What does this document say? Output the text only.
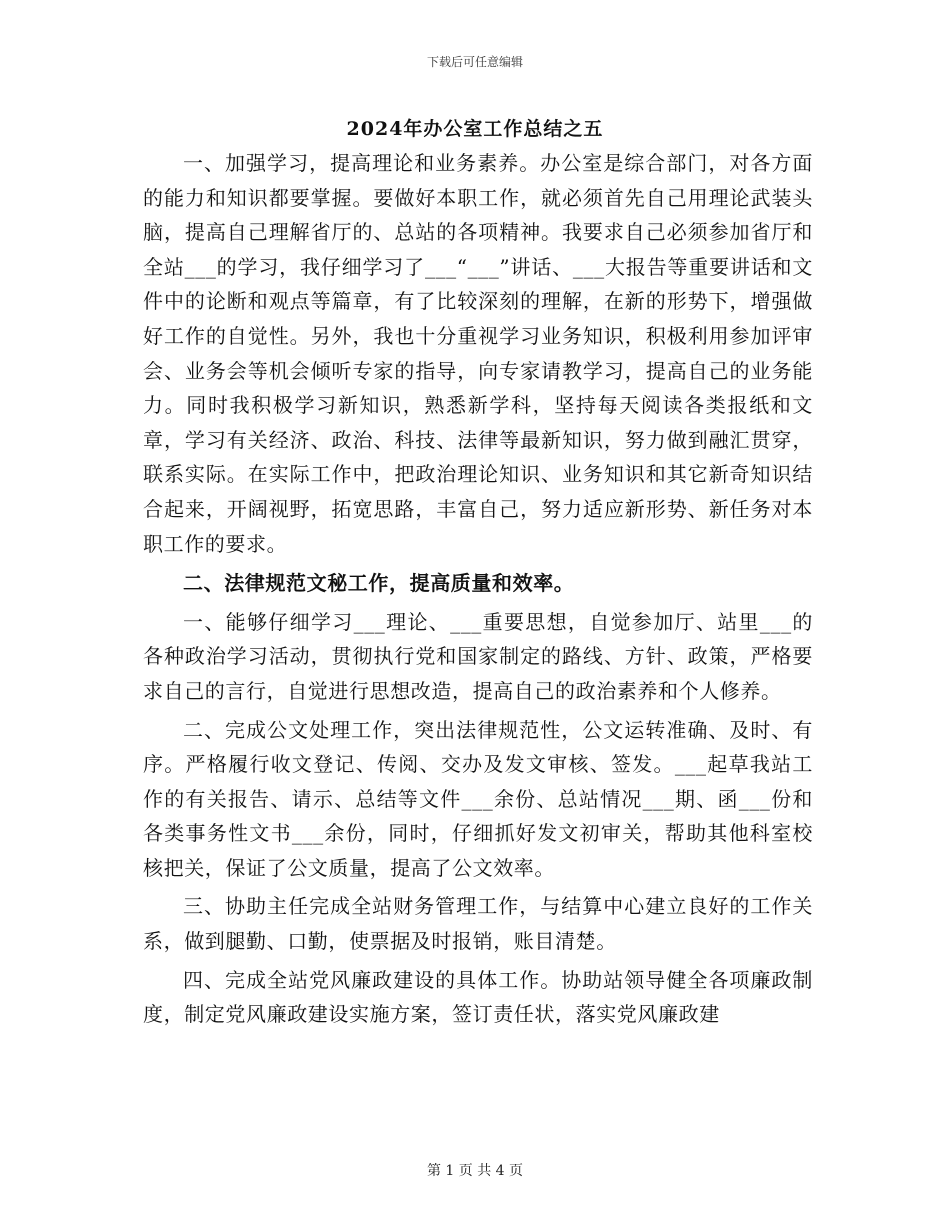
下载后可任意编辑
2024年办公室工作总结之五

一、加强学习，提高理论和业务素养。办公室是综合部门，对各方面的能力和知识都要掌握。要做好本职工作，就必须首先自己用理论武装头脑，提高自己理解省厅的、总站的各项精神。我要求自己必须参加省厅和全站___的学习，我仔细学习了___“___”讲话、___大报告等重要讲话和文件中的论断和观点等篇章，有了比较深刻的理解，在新的形势下，增强做好工作的自觉性。另外，我也十分重视学习业务知识，积极利用参加评审会、业务会等机会倾听专家的指导，向专家请教学习，提高自己的业务能力。同时我积极学习新知识，熟悉新学科，坚持每天阅读各类报纸和文章，学习有关经济、政治、科技、法律等最新知识，努力做到融汇贯穿，联系实际。在实际工作中，把政治理论知识、业务知识和其它新奇知识结合起来，开阔视野，拓宽思路，丰富自己，努力适应新形势、新任务对本职工作的要求。

二、法律规范文秘工作，提高质量和效率。

一、能够仔细学习___理论、___重要思想，自觉参加厅、站里___的各种政治学习活动，贯彻执行党和国家制定的路线、方针、政策，严格要求自己的言行，自觉进行思想改造，提高自己的政治素养和个人修养。

二、完成公文处理工作，突出法律规范性，公文运转准确、及时、有序。严格履行收文登记、传阅、交办及发文审核、签发。___起草我站工作的有关报告、请示、总结等文件___余份、总站情况___期、函___份和各类事务性文书___余份，同时，仔细抓好发文初审关，帮助其他科室校核把关，保证了公文质量，提高了公文效率。

三、协助主任完成全站财务管理工作，与结算中心建立良好的工作关系，做到腿勤、口勤，使票据及时报销，账目清楚。

四、完成全站党风廉政建设的具体工作。协助站领导健全各项廉政制度，制定党风廉政建设实施方案，签订责任状，落实党风廉政建

第 1 页 共 4 页
